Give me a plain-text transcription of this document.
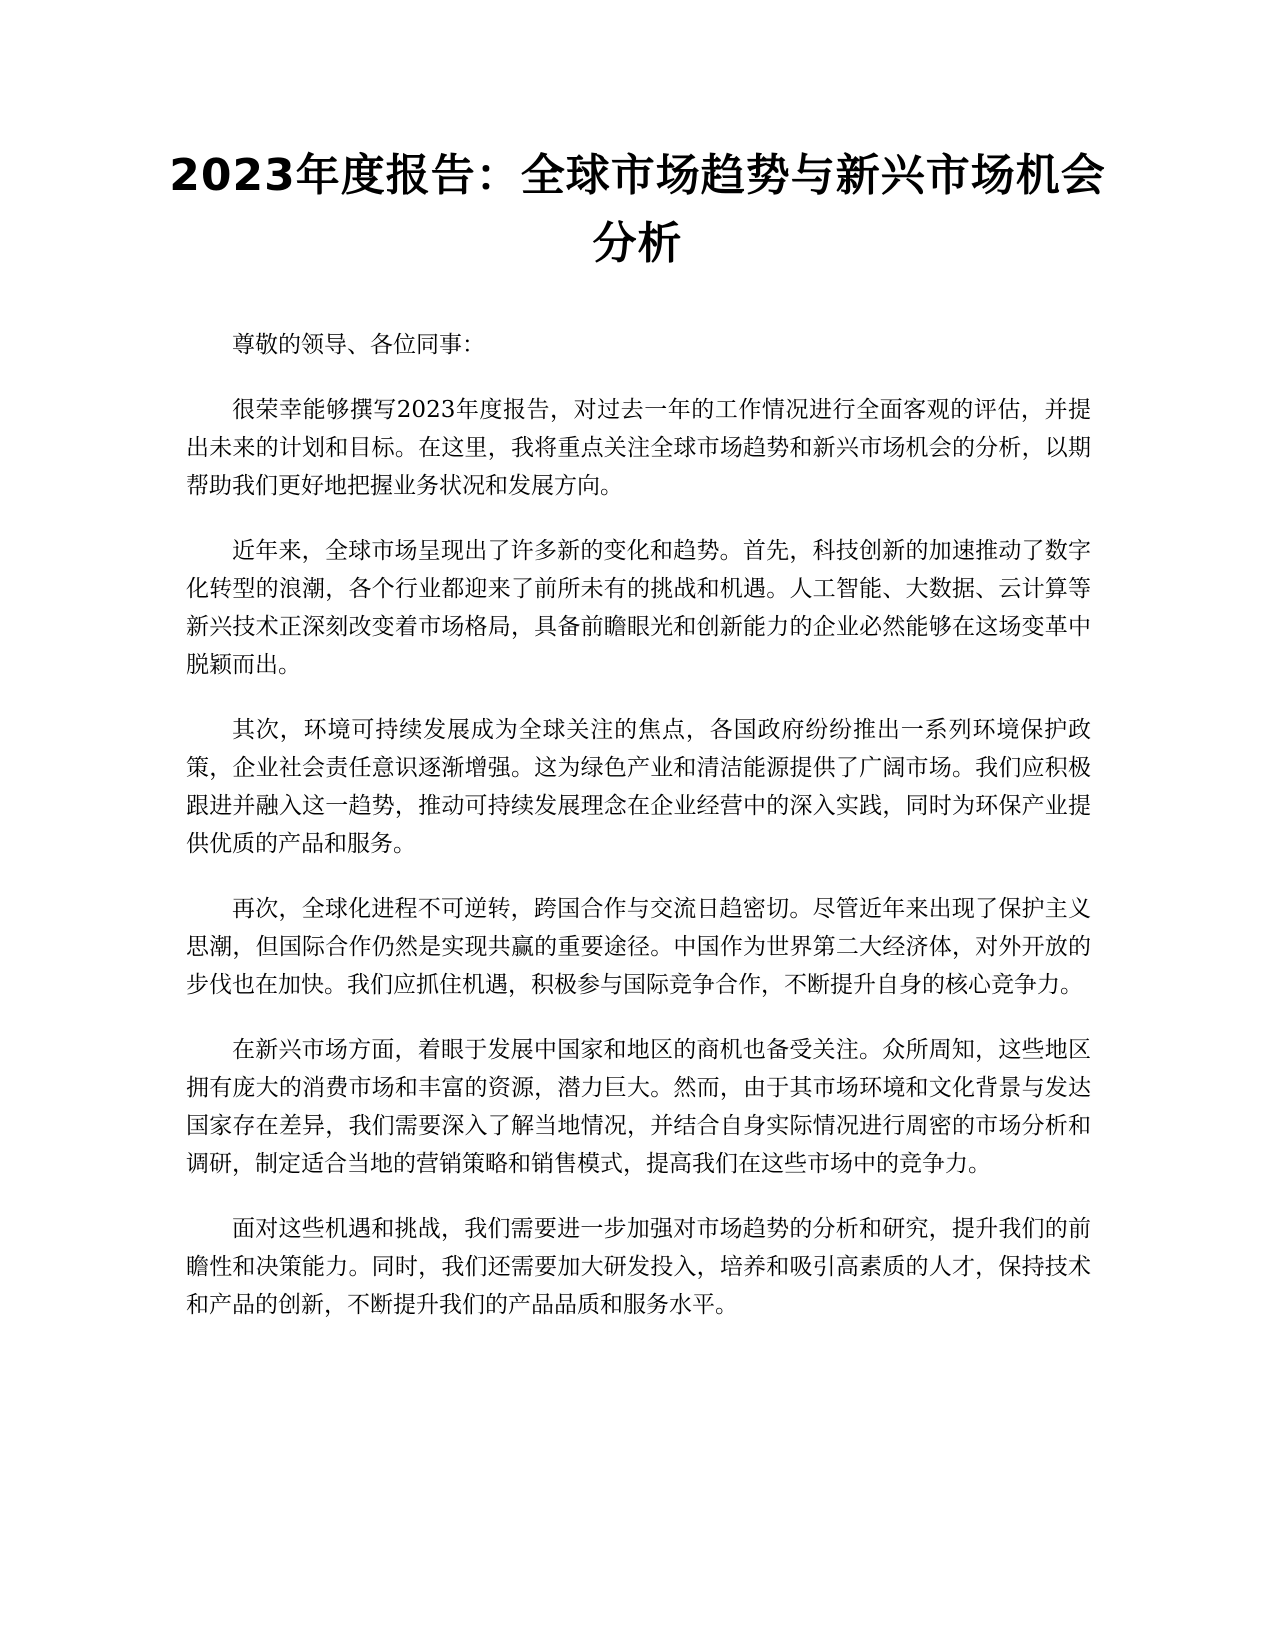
2023年度报告：全球市场趋势与新兴市场机会分析

尊敬的领导、各位同事：

很荣幸能够撰写2023年度报告，对过去一年的工作情况进行全面客观的评估，并提出未来的计划和目标。在这里，我将重点关注全球市场趋势和新兴市场机会的分析，以期帮助我们更好地把握业务状况和发展方向。

近年来，全球市场呈现出了许多新的变化和趋势。首先，科技创新的加速推动了数字化转型的浪潮，各个行业都迎来了前所未有的挑战和机遇。人工智能、大数据、云计算等新兴技术正深刻改变着市场格局，具备前瞻眼光和创新能力的企业必然能够在这场变革中脱颖而出。

其次，环境可持续发展成为全球关注的焦点，各国政府纷纷推出一系列环境保护政策，企业社会责任意识逐渐增强。这为绿色产业和清洁能源提供了广阔市场。我们应积极跟进并融入这一趋势，推动可持续发展理念在企业经营中的深入实践，同时为环保产业提供优质的产品和服务。

再次，全球化进程不可逆转，跨国合作与交流日趋密切。尽管近年来出现了保护主义思潮，但国际合作仍然是实现共赢的重要途径。中国作为世界第二大经济体，对外开放的步伐也在加快。我们应抓住机遇，积极参与国际竞争合作，不断提升自身的核心竞争力。

在新兴市场方面，着眼于发展中国家和地区的商机也备受关注。众所周知，这些地区拥有庞大的消费市场和丰富的资源，潜力巨大。然而，由于其市场环境和文化背景与发达国家存在差异，我们需要深入了解当地情况，并结合自身实际情况进行周密的市场分析和调研，制定适合当地的营销策略和销售模式，提高我们在这些市场中的竞争力。

面对这些机遇和挑战，我们需要进一步加强对市场趋势的分析和研究，提升我们的前瞻性和决策能力。同时，我们还需要加大研发投入，培养和吸引高素质的人才，保持技术和产品的创新，不断提升我们的产品品质和服务水平。
